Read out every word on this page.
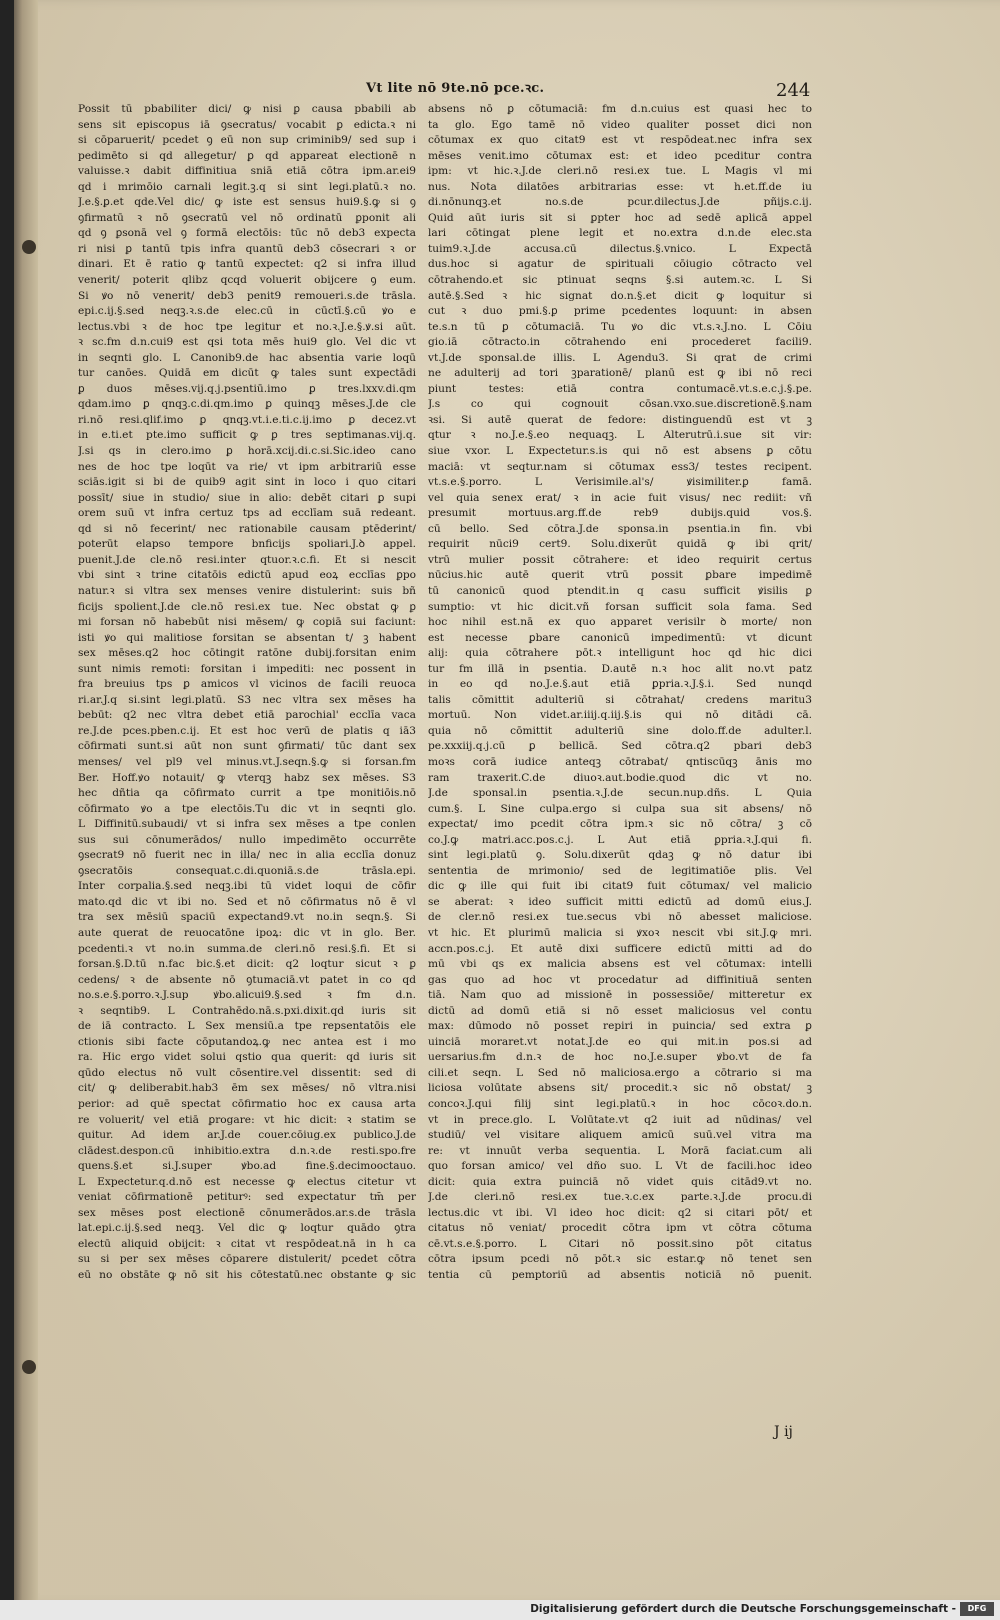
Vt lite nō 9te.nō pce.ꝛc.	244
Possit tū pbabiliter dici/ ꝙ nisi ꝑ causa pbabili ab
sens sit episcopus iā ꝯsecratus/ vocabit ꝑ edicta.ꝛ ni
si cōparuerit/ pcedet ꝯ eū non sup criminib9/ sed sup i
pedimēto si qd allegetur/ ꝑ qd appareat electionē n
valuisse.ꝛ dabit diffinitiua sniā etiā cōtra ipm.ar.ei9
qd i mrimōio carnali legit.ꝫ.q si sint legi.platū.ꝛ no.
J.e.§.ꝑ.et qde.Vel dic/ ꝙ iste est sensus hui9.§.ꝙ si ꝯ
ꝯfirmatū ꝛ nō ꝯsecratū vel nō ordinatū ꝑponit ali
qd ꝯ ꝑsonā vel ꝯ formā electōis: tūc nō deb3 expecta
ri nisi ꝑ tantū tpis infra quantū deb3 cōsecrari ꝛ or
dinari. Et ē ratio ꝙ tantū expectet: q2 si infra illud
venerit/ poterit qlibz qcqd voluerit obijcere ꝯ eum.
Si ꝟo nō venerit/ deb3 penit9 remoueri.s.de trāsla.
epi.c.ij.§.sed neqꝫ.ꝛ.s.de elec.cū in cūctī.§.cū ꝟo e
lectus.vbi ꝛ de hoc tpe legitur et no.ꝛ.J.e.§.ꝟ.si aūt.
ꝛ sc.fm d.n.cui9 est qsi tota mēs hui9 glo. Vel dic vt
in seqnti glo. L Canonib9.de hac absentia varie loqū
tur canōes. Quidā em dicūt ꝙ tales sunt expectādi
ꝑ duos mēses.vij.q.j.psentiū.imo ꝑ tres.lxxv.di.qm
qdam.imo ꝑ qnqꝫ.c.di.qm.imo ꝑ quinqꝫ mēses.J.de cle
ri.nō resi.qlif.imo ꝑ qnqꝫ.vt.i.e.ti.c.ij.imo ꝑ decez.vt
in e.ti.et pte.imo sufficit ꝙ ꝑ tres septimanas.vij.q.
J.si qs in clero.imo ꝑ horā.xcij.di.c.si.Sic.ideo cano
nes de hoc tpe loqūt va rie/ vt ipm arbitrariū esse
sciās.igit si bi de quib9 agit sint in loco i quo citari
possīt/ siue in studio/ siue in alio: debēt citari ꝑ supi
orem suū vt infra certuz tps ad ecclīam suā redeant.
qd si nō fecerint/ nec rationabile causam ptēderint/
poterūt elapso tempore bnficijs spoliari.J.ꝺ appel.
puenit.J.de cle.nō resi.inter qtuor.ꝛ.c.fi. Et si nescit
vbi sint ꝛ trine citatōis edictū apud eoꝝ ecclīas ꝑpo
natur.ꝛ si vltra sex menses venire distulerint: suis bñ
ficijs spolient.J.de cle.nō resi.ex tue. Nec obstat ꝙ ꝑ
mi forsan nō habebūt nisi mēsem/ ꝙ copiā sui faciunt:
isti ꝟo qui malitiose forsitan se absentan t/ ꝫ habent
sex mēses.q2 hoc cōtingit ratōne dubij.forsitan enim
sunt nimis remoti: forsitan i impediti: nec possent in
fra breuius tps ꝑ amicos vl vicinos de facili reuoca
ri.ar.J.q si.sint legi.platū. S3 nec vltra sex mēses ha
bebūt: q2 nec vltra debet etiā parochial' ecclīa vaca
re.J.de pces.pben.c.ij. Et est hoc verū de platis q iā3
cōfirmati sunt.si aūt non sunt ꝯfirmati/ tūc dant sex
menses/ vel pl9 vel minus.vt.J.seqn.§.ꝙ si forsan.fm
Ber. Hoff.ꝟo notauit/ ꝙ vterqꝫ habz sex mēses. S3
hec dñtia qa cōfirmato currit a tpe monitiōis.nō
cōfirmato ꝟo a tpe electōis.Tu dic vt in seqnti glo.
L Diffinitū.subaudi/ vt si infra sex mēses a tpe conlen
sus sui cōnumerādos/ nullo impedimēto occurrēte
ꝯsecrat9 nō fuerit nec in illa/ nec in alia ecclīa donuz
ꝯsecratōis consequat.c.di.quoniā.s.de trāsla.epi.
Inter corpalia.§.sed neqꝫ.ibi tū videt loqui de cōfir
mato.qd dic vt ibi no. Sed et nō cōfirmatus nō ē vl
tra sex mēsiū spaciū expectand9.vt no.in seqn.§. Si
aute querat de reuocatōne ipoꝝ: dic vt in glo. Ber.
pcedenti.ꝛ vt no.in summa.de cleri.nō resi.§.fi. Et si
forsan.§.D.tū n.fac bic.§.et dicit: q2 loqtur sicut ꝛ ꝑ
cedens/ ꝛ de absente nō ꝯtumaciā.vt patet in co qd
no.s.e.§.porro.ꝛ.J.sup ꝟbo.alicui9.§.sed ꝛ fm d.n.
ꝛ seqntib9. L Contrahēdo.nā.s.pxi.dixit.qd iuris sit
de iā contracto. L Sex mensiū.a tpe repsentatōis ele
ctionis sibi facte cōputandoꝝ.ꝙ nec antea est i mo
ra. Hic ergo videt solui qstio qua querit: qd iuris sit
qūdo electus nō vult cōsentire.vel dissentit: sed di
cit/ ꝙ deliberabit.hab3 ēm sex mēses/ nō vltra.nisi
perior: ad quē spectat cōfirmatio hoc ex causa arta
re voluerit/ vel etiā ꝑrogare: vt hic dicit: ꝛ statim se
quitur. Ad idem ar.J.de couer.cōiug.ex publico.J.de
clādest.despon.cū inhibitio.extra d.n.ꝛ.de resti.spo.fre
quens.§.et si.J.super ꝟbo.ad fine.§.decimooctauo.
L Expectetur.q.d.nō est necesse ꝙ electus citetur vt
veniat cōfirmationē petiturꝰ: sed expectatur tm̄ per
sex mēses post electionē cōnumerādos.ar.s.de trāsla
lat.epi.c.ij.§.sed neqꝫ. Vel dic ꝙ loqtur quādo ꝯtra
electū aliquid obijcit: ꝛ citat vt respōdeat.nā in h ca
su si per sex mēses cōparere distulerit/ pcedet cōtra
eū no obstāte ꝙ nō sit his cōtestatū.nec obstante ꝙ sic
absens nō ꝑ cōtumaciā: fm d.n.cuius est quasi hec to
ta glo. Ego tamē nō video qualiter posset dici non
cōtumax ex quo citat9 est vt respōdeat.nec infra sex
mēses venit.imo cōtumax est: et ideo pceditur contra
ipm: vt hic.ꝛ.J.de cleri.nō resi.ex tue. L Magis vl mi
nus. Nota dilatōes arbitrarias esse: vt h.et.ff.de iu
di.nōnunqꝫ.et no.s.de pcur.dilectus.J.de pñijs.c.ij.
Quid aūt iuris sit si ꝑpter hoc ad sedē aplicā appel
lari cōtingat plene legit et no.extra d.n.de elec.sta
tuim9.ꝛ.J.de accusa.cū dilectus.§.vnico. L Expectā
dus.hoc si agatur de spirituali cōiugio cōtracto vel
cōtrahendo.et sic ptinuat seqns §.si autem.ꝛc. L Si
autē.§.Sed ꝛ hic signat do.n.§.et dicit ꝙ loquitur si
cut ꝛ duo pmi.§.ꝑ prime pcedentes loquunt: in absen
te.s.n tū ꝑ cōtumaciā. Tu ꝟo dic vt.s.ꝛ.J.no. L Cōiu
gio.iā cōtracto.in cōtrahendo eni procederet facili9.
vt.J.de sponsal.de illis. L Agendu3. Si qrat de crimi
ne adulterij ad tori ꝫparationē/ planū est ꝙ ibi nō reci
piunt testes: etiā contra contumacē.vt.s.e.c.j.§.pe.
J.s co qui cognouit cōsan.vxo.sue.discretionē.§.nam
ꝛsi. Si autē querat de fedore: distinguendū est vt ꝫ
qtur ꝛ no.J.e.§.eo nequaqꝫ. L Alterutrū.i.sue sit vir:
siue vxor. L Expectetur.s.is qui nō est absens ꝑ cōtu
maciā: vt seqtur.nam si cōtumax ess3/ testes recipent.
vt.s.e.§.porro. L Verisimile.al's/ ꝟisimiliter.ꝑ famā.
vel quia senex erat/ ꝛ in acie fuit visus/ nec rediit: vñ
presumit mortuus.arg.ff.de reb9 dubijs.quid vos.§.
cū bello. Sed cōtra.J.de sponsa.in psentia.in fin. vbi
requirit nūci9 cert9. Solu.dixerūt quidā ꝙ ibi qrit/
vtrū mulier possit cōtrahere: et ideo requirit certus
nūcius.hic autē querit vtrū possit ꝑbare impedimē
tū canonicū quod ptendit.in q casu sufficit ꝟisilis ꝑ
sumptio: vt hic dicit.vñ forsan sufficit sola fama. Sed
hoc nihil est.nā ex quo apparet verisilr ꝺ morte/ non
est necesse ꝑbare canonicū impedimentū: vt dicunt
alij: quia cōtrahere pōt.ꝛ intelligunt hoc qd hic dici
tur fm illā in psentia. D.autē n.ꝛ hoc alit no.vt patz
in eo qd no.J.e.§.aut etiā ꝑpria.ꝛ.J.§.i. Sed nunqd
talis cōmittit adulteriū si cōtrahat/ credens maritu3
mortuū. Non videt.ar.iiij.q.iij.§.is qui nō ditādi cā.
quia nō cōmittit adulteriū sine dolo.ff.de adulter.l.
pe.xxxiij.q.j.cū ꝑ bellicā. Sed cōtra.q2 pbari deb3
moꝛs corā iudice anteqꝫ cōtrabat/ qntiscūqꝫ ānis mo
ram traxerit.C.de diuoꝛ.aut.bodie.quod dic vt no.
J.de sponsal.in psentia.ꝛ.J.de secun.nup.dñs. L Quia
cum.§. L Sine culpa.ergo si culpa sua sit absens/ nō
expectat/ imo pcedit cōtra ipm.ꝛ sic nō cōtra/ ꝫ cō
co.J.ꝙ matri.acc.pos.c.j. L Aut etiā ꝑpria.ꝛ.J.qui fi.
sint legi.platū ꝯ. Solu.dixerūt qdaꝫ ꝙ nō datur ibi
sententia de mrimonio/ sed de legitimatiōe plis. Vel
dic ꝙ ille qui fuit ibi citat9 fuit cōtumax/ vel malicio
se aberat: ꝛ ideo sufficit mitti edictū ad domū eius.J.
de cler.nō resi.ex tue.secus vbi nō abesset maliciose.
vt hic. Et plurimū malicia si ꝟxoꝛ nescit vbi sit.J.ꝙ mri.
accn.pos.c.j. Et autē dixi sufficere edictū mitti ad do
mū vbi qs ex malicia absens est vel cōtumax: intelli
gas quo ad hoc vt procedatur ad diffinitiuā senten
tiā. Nam quo ad missionē in possessiōe/ mitteretur ex
dictū ad domū etiā si nō esset maliciosus vel contu
max: dūmodo nō posset repiri in puincia/ sed extra ꝑ
uinciā moraret.vt notat.J.de eo qui mit.in pos.si ad
uersarius.fm d.n.ꝛ de hoc no.J.e.super ꝟbo.vt de fa
cili.et seqn. L Sed nō maliciosa.ergo a cōtrario si ma
liciosa volūtate absens sit/ procedit.ꝛ sic nō obstat/ ꝫ
concoꝛ.J.qui filij sint legi.platū.ꝛ in hoc cōcoꝛ.do.n.
vt in prece.glo. L Volūtate.vt q2 iuit ad nūdinas/ vel
studiū/ vel visitare aliquem amicū suū.vel vitra ma
re: vt innuūt verba sequentia. L Morā faciat.cum ali
quo forsan amico/ vel dño suo. L Vt de facili.hoc ideo
dicit: quia extra puinciā nō videt quis citād9.vt no.
J.de cleri.nō resi.ex tue.ꝛ.c.ex parte.ꝛ.J.de procu.di
lectus.dic vt ibi. Vl ideo hoc dicit: q2 si citari pōt/ et
citatus nō veniat/ procedit cōtra ipm vt cōtra cōtuma
cē.vt.s.e.§.porro. L Citari nō possit.sino pōt citatus
cōtra ipsum pcedi nō pōt.ꝛ sic estar.ꝙ nō tenet sen
tentia cū pemptoriū ad absentis noticiā nō puenit.
J ij
Digitalisierung gefördert durch die Deutsche Forschungsgemeinschaft -	DFG
